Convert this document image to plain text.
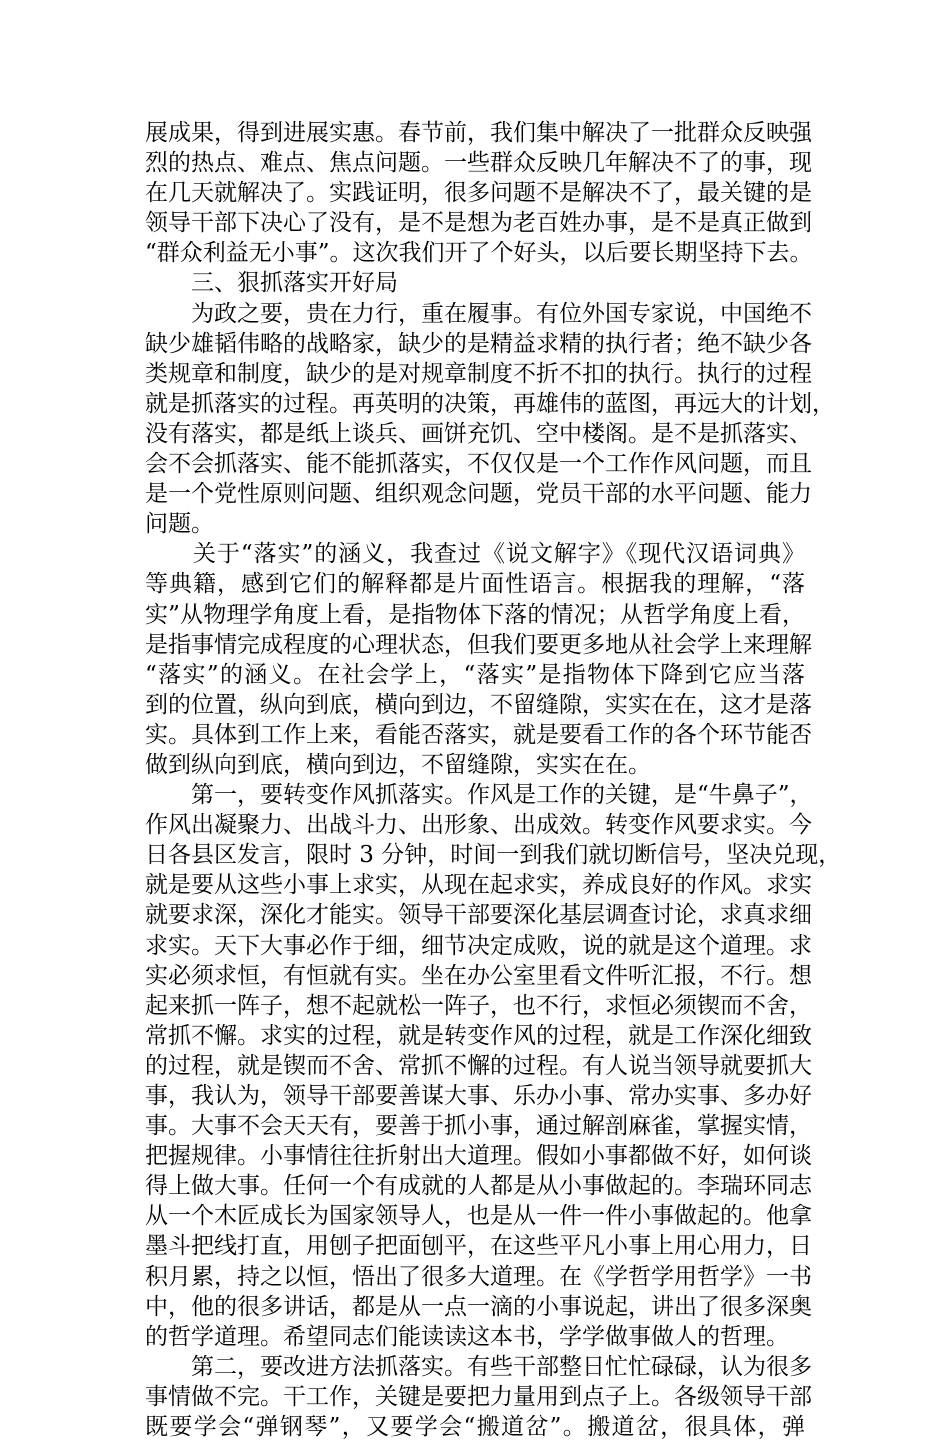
展成果，得到进展实惠。春节前，我们集中解决了一批群众反映强
烈的热点、难点、焦点问题。一些群众反映几年解决不了的事，现
在几天就解决了。实践证明，很多问题不是解决不了，最关键的是
领导干部下决心了没有，是不是想为老百姓办事，是不是真正做到
“群众利益无小事”。这次我们开了个好头，以后要长期坚持下去。
　　三、狠抓落实开好局
　　为政之要，贵在力行，重在履事。有位外国专家说，中国绝不
缺少雄韬伟略的战略家，缺少的是精益求精的执行者；绝不缺少各
类规章和制度，缺少的是对规章制度不折不扣的执行。执行的过程
就是抓落实的过程。再英明的决策，再雄伟的蓝图，再远大的计划，
没有落实，都是纸上谈兵、画饼充饥、空中楼阁。是不是抓落实、
会不会抓落实、能不能抓落实，不仅仅是一个工作作风问题，而且
是一个党性原则问题、组织观念问题，党员干部的水平问题、能力
问题。
　　关于“落实”的涵义，我查过《说文解字》《现代汉语词典》
等典籍，感到它们的解释都是片面性语言。根据我的理解，“落
实”从物理学角度上看，是指物体下落的情况；从哲学角度上看，
是指事情完成程度的心理状态，但我们要更多地从社会学上来理解
“落实”的涵义。在社会学上，“落实”是指物体下降到它应当落
到的位置，纵向到底，横向到边，不留缝隙，实实在在，这才是落
实。具体到工作上来，看能否落实，就是要看工作的各个环节能否
做到纵向到底，横向到边，不留缝隙，实实在在。
　　第一，要转变作风抓落实。作风是工作的关键，是“牛鼻子”，
作风出凝聚力、出战斗力、出形象、出成效。转变作风要求实。今
日各县区发言，限时 3 分钟，时间一到我们就切断信号，坚决兑现，
就是要从这些小事上求实，从现在起求实，养成良好的作风。求实
就要求深，深化才能实。领导干部要深化基层调查讨论，求真求细
求实。天下大事必作于细，细节决定成败，说的就是这个道理。求
实必须求恒，有恒就有实。坐在办公室里看文件听汇报，不行。想
起来抓一阵子，想不起就松一阵子，也不行，求恒必须锲而不舍，
常抓不懈。求实的过程，就是转变作风的过程，就是工作深化细致
的过程，就是锲而不舍、常抓不懈的过程。有人说当领导就要抓大
事，我认为，领导干部要善谋大事、乐办小事、常办实事、多办好
事。大事不会天天有，要善于抓小事，通过解剖麻雀，掌握实情，
把握规律。小事情往往折射出大道理。假如小事都做不好，如何谈
得上做大事。任何一个有成就的人都是从小事做起的。李瑞环同志
从一个木匠成长为国家领导人，也是从一件一件小事做起的。他拿
墨斗把线打直，用刨子把面刨平，在这些平凡小事上用心用力，日
积月累，持之以恒，悟出了很多大道理。在《学哲学用哲学》一书
中，他的很多讲话，都是从一点一滴的小事说起，讲出了很多深奥
的哲学道理。希望同志们能读读这本书，学学做事做人的哲理。
　　第二，要改进方法抓落实。有些干部整日忙忙碌碌，认为很多
事情做不完。干工作，关键是要把力量用到点子上。各级领导干部
既要学会“弹钢琴”，又要学会“搬道岔”。搬道岔，很具体，弹
